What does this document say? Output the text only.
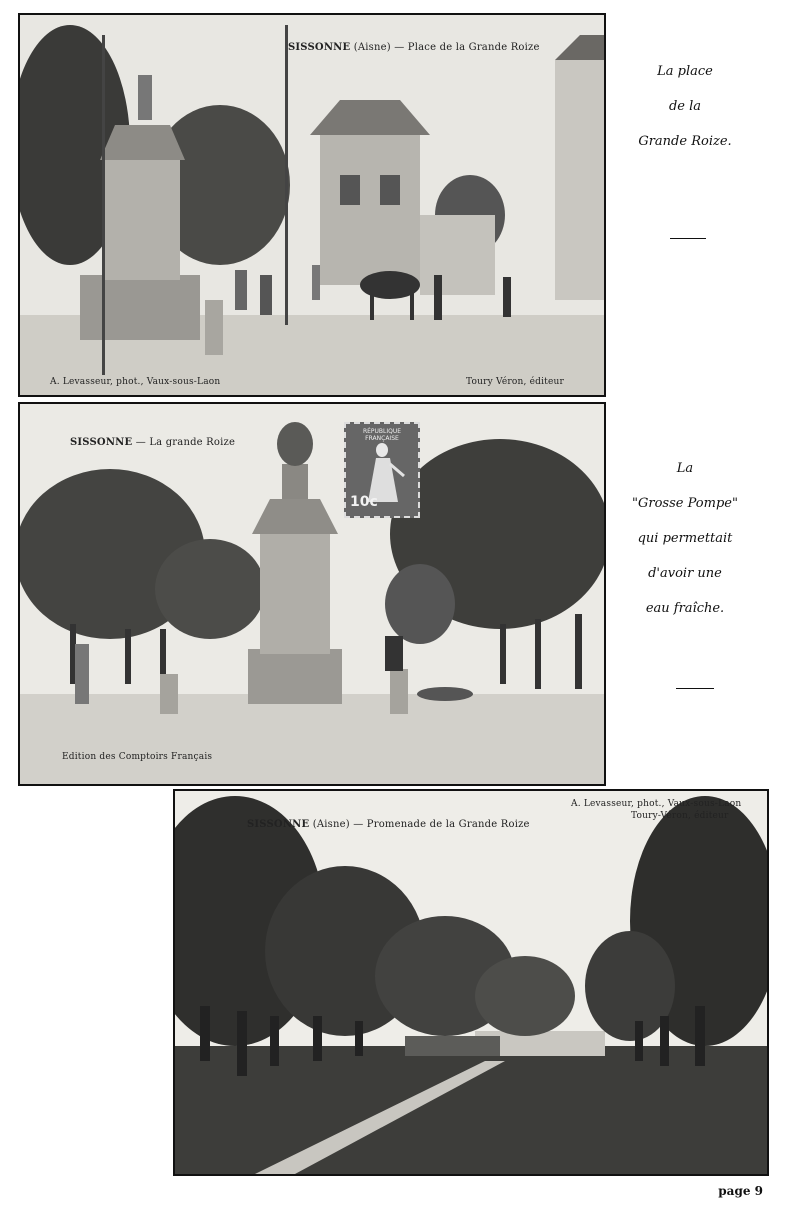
SISSONNE (Aisne) — Place de la Grande Roize
A. Levasseur, phot., Vaux-sous-Laon	Toury Véron, éditeur
RÉPUBLIQUE FRANÇAISE
10c
SISSONNE — La grande Roize
Edition des Comptoirs Français
SISSONNE (Aisne) — Promenade de la Grande Roize
A. Levasseur, phot., Vaux-sous-Laon
Toury-Véron, éditeur

La place

de la

Grande Roize.

La

"Grosse Pompe"

qui permettait

d'avoir une

eau fraîche.

page 9
